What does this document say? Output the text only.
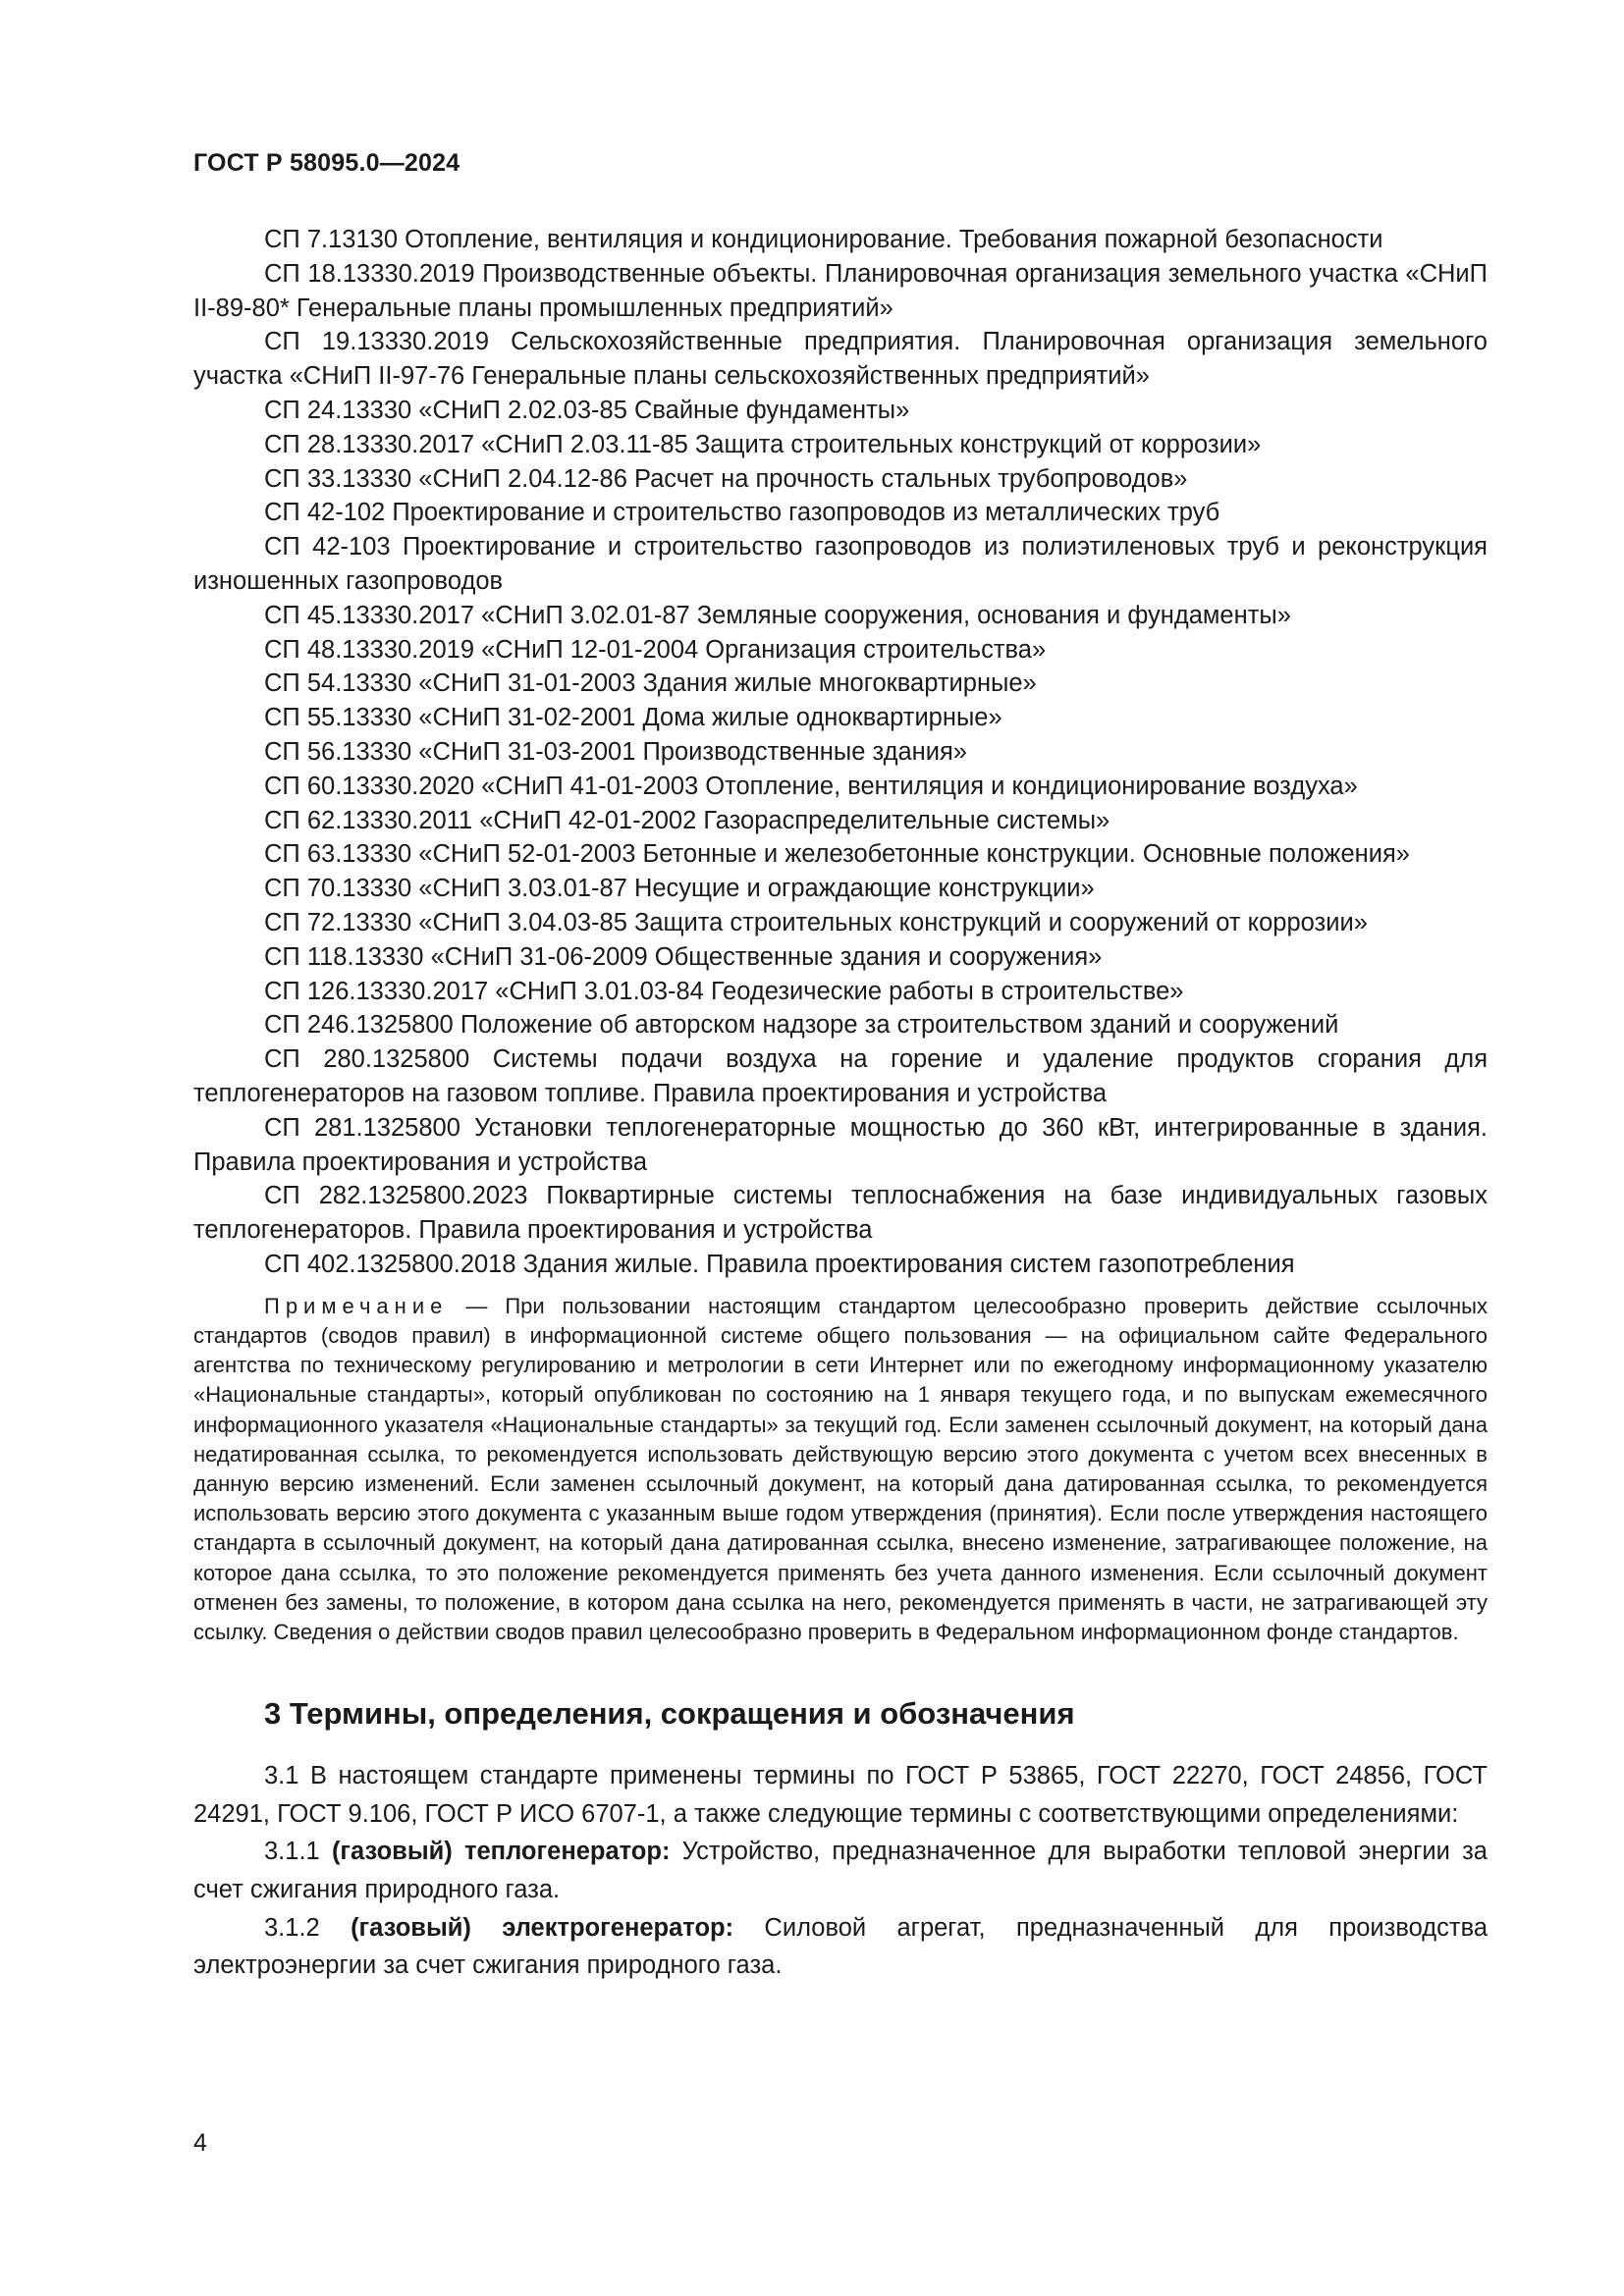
ГОСТ Р 58095.0—2024

СП 7.13130 Отопление, вентиляция и кондиционирование. Требования пожарной безопасности

СП 18.13330.2019 Производственные объекты. Планировочная организация земельного участка «СНиП II-89-80* Генеральные планы промышленных предприятий»

СП 19.13330.2019 Сельскохозяйственные предприятия. Планировочная организация земельного участка «СНиП II-97-76 Генеральные планы сельскохозяйственных предприятий»

СП 24.13330 «СНиП 2.02.03-85 Свайные фундаменты»

СП 28.13330.2017 «СНиП 2.03.11-85 Защита строительных конструкций от коррозии»

СП 33.13330 «СНиП 2.04.12-86 Расчет на прочность стальных трубопроводов»

СП 42-102 Проектирование и строительство газопроводов из металлических труб

СП 42-103 Проектирование и строительство газопроводов из полиэтиленовых труб и реконструкция изношенных газопроводов

СП 45.13330.2017 «СНиП 3.02.01-87 Земляные сооружения, основания и фундаменты»

СП 48.13330.2019 «СНиП 12-01-2004 Организация строительства»

СП 54.13330 «СНиП 31-01-2003 Здания жилые многоквартирные»

СП 55.13330 «СНиП 31-02-2001 Дома жилые одноквартирные»

СП 56.13330 «СНиП 31-03-2001 Производственные здания»

СП 60.13330.2020 «СНиП 41-01-2003 Отопление, вентиляция и кондиционирование воздуха»

СП 62.13330.2011 «СНиП 42-01-2002 Газораспределительные системы»

СП 63.13330 «СНиП 52-01-2003 Бетонные и железобетонные конструкции. Основные положения»

СП 70.13330 «СНиП 3.03.01-87 Несущие и ограждающие конструкции»

СП 72.13330 «СНиП 3.04.03-85 Защита строительных конструкций и сооружений от коррозии»

СП 118.13330 «СНиП 31-06-2009 Общественные здания и сооружения»

СП 126.13330.2017 «СНиП 3.01.03-84 Геодезические работы в строительстве»

СП 246.1325800 Положение об авторском надзоре за строительством зданий и сооружений

СП 280.1325800 Системы подачи воздуха на горение и удаление продуктов сгорания для теплогенераторов на газовом топливе. Правила проектирования и устройства

СП 281.1325800 Установки теплогенераторные мощностью до 360 кВт, интегрированные в здания. Правила проектирования и устройства

СП 282.1325800.2023 Поквартирные системы теплоснабжения на базе индивидуальных газовых теплогенераторов. Правила проектирования и устройства

СП 402.1325800.2018 Здания жилые. Правила проектирования систем газопотребления

Примечание — При пользовании настоящим стандартом целесообразно проверить действие ссылочных стандартов (сводов правил) в информационной системе общего пользования — на официальном сайте Федерального агентства по техническому регулированию и метрологии в сети Интернет или по ежегодному информационному указателю «Национальные стандарты», который опубликован по состоянию на 1 января текущего года, и по выпускам ежемесячного информационного указателя «Национальные стандарты» за текущий год. Если заменен ссылочный документ, на который дана недатированная ссылка, то рекомендуется использовать действующую версию этого документа с учетом всех внесенных в данную версию изменений. Если заменен ссылочный документ, на который дана датированная ссылка, то рекомендуется использовать версию этого документа с указанным выше годом утверждения (принятия). Если после утверждения настоящего стандарта в ссылочный документ, на который дана датированная ссылка, внесено изменение, затрагивающее положение, на которое дана ссылка, то это положение рекомендуется применять без учета данного изменения. Если ссылочный документ отменен без замены, то положение, в котором дана ссылка на него, рекомендуется применять в части, не затрагивающей эту ссылку. Сведения о действии сводов правил целесообразно проверить в Федеральном информационном фонде стандартов.
3 Термины, определения, сокращения и обозначения

3.1 В настоящем стандарте применены термины по ГОСТ Р 53865, ГОСТ 22270, ГОСТ 24856, ГОСТ 24291, ГОСТ 9.106, ГОСТ Р ИСО 6707-1, а также следующие термины с соответствующими определениями:

3.1.1 (газовый) теплогенератор: Устройство, предназначенное для выработки тепловой энергии за счет сжигания природного газа.

3.1.2 (газовый) электрогенератор: Силовой агрегат, предназначенный для производства электроэнергии за счет сжигания природного газа.

4
